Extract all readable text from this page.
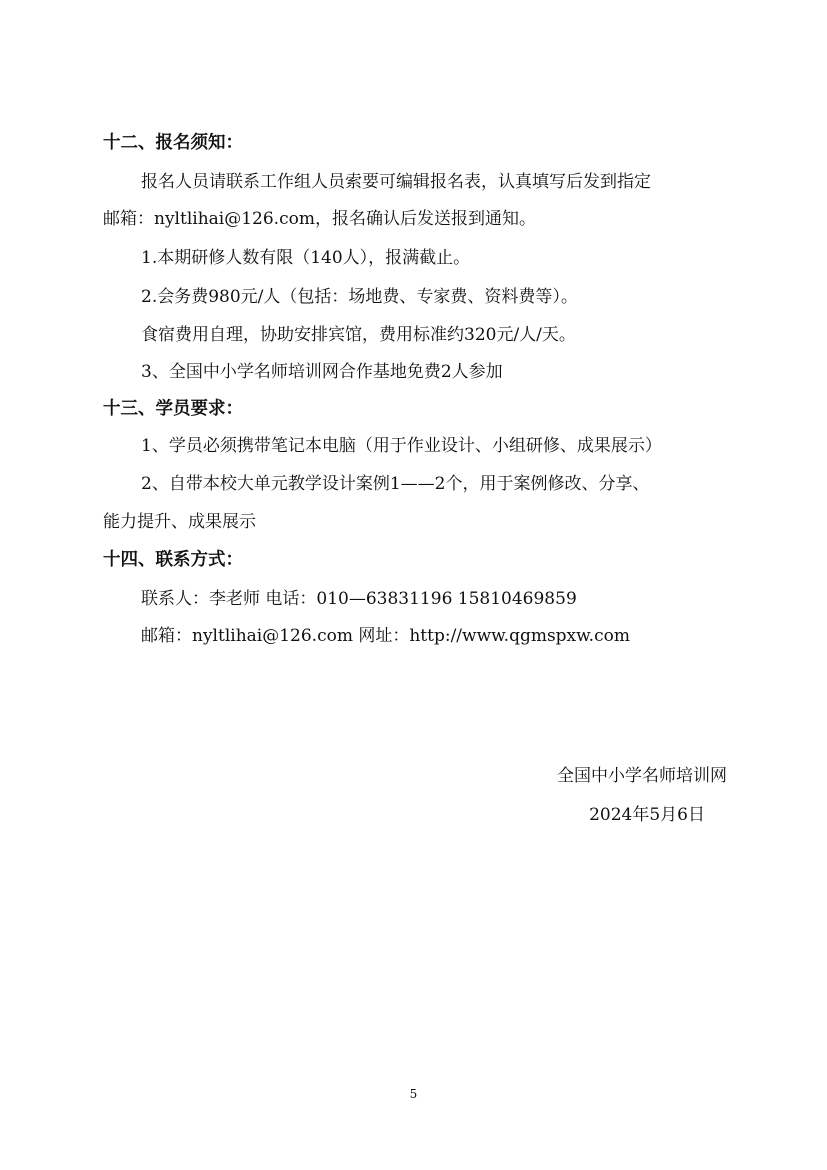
十二、报名须知：
报名人员请联系工作组人员索要可编辑报名表，认真填写后发到指定
邮箱：nyltlihai@126.com，报名确认后发送报到通知。
1.本期研修人数有限（140人），报满截止。
2.会务费980元/人（包括：场地费、专家费、资料费等）。
食宿费用自理，协助安排宾馆，费用标准约320元/人/天。
3、全国中小学名师培训网合作基地免费2人参加
十三、学员要求：
1、学员必须携带笔记本电脑（用于作业设计、小组研修、成果展示）
2、自带本校大单元教学设计案例1——2个，用于案例修改、分享、
能力提升、成果展示
十四、联系方式：
联系人：李老师 电话：010—63831196 15810469859
邮箱：nyltlihai@126.com 网址：http://www.qgmspxw.com
全国中小学名师培训网
2024年5月6日
5
